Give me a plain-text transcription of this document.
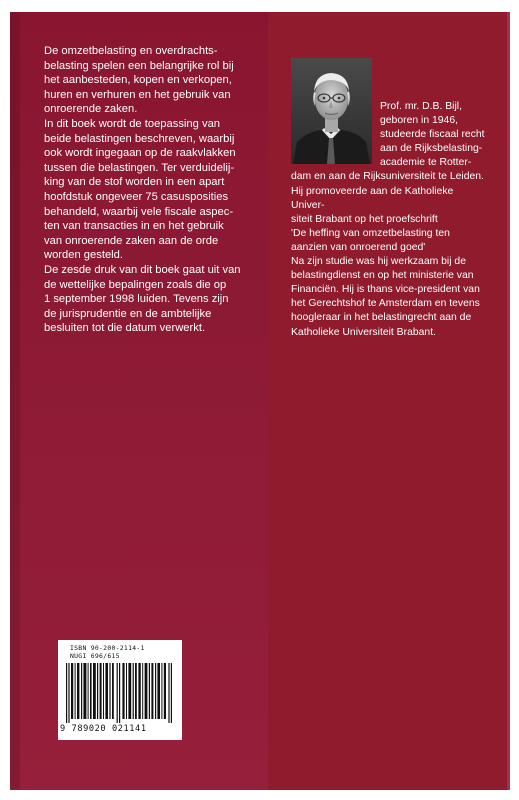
De omzetbelasting en overdrachts-

belasting spelen een belangrijke rol bij

het aanbesteden, kopen en verkopen,

huren en verhuren en het gebruik van

onroerende zaken.

In dit boek wordt de toepassing van

beide belastingen beschreven, waarbij

ook wordt ingegaan op de raakvlakken

tussen die belastingen. Ter verduidelij-

king van de stof worden in een apart

hoofdstuk ongeveer 75 casusposities

behandeld, waarbij vele fiscale aspec-

ten van transacties in en het gebruik

van onroerende zaken aan de orde

worden gesteld.

De zesde druk van dit boek gaat uit van

de wettelijke bepalingen zoals die op

1 september 1998 luiden. Tevens zijn

de jurisprudentie en de ambtelijke

besluiten tot die datum verwerkt.

Prof. mr. D.B. Bijl,
geboren in 1946,
studeerde fiscaal recht
aan de Rijksbelasting-
academie te Rotter-
dam en aan de Rijksuniversiteit te Leiden.
Hij promoveerde aan de Katholieke Univer-
siteit Brabant op het proefschrift
'De heffing van omzetbelasting ten
aanzien van onroerend goed'
Na zijn studie was hij werkzaam bij de
belastingdienst en op het ministerie van
Financiën. Hij is thans vice-president van
het Gerechtshof te Amsterdam en tevens
hoogleraar in het belastingrecht aan de
Katholieke Universiteit Brabant.
ISBN 90-200-2114-1
NUGI 696/615
9 789020 021141
